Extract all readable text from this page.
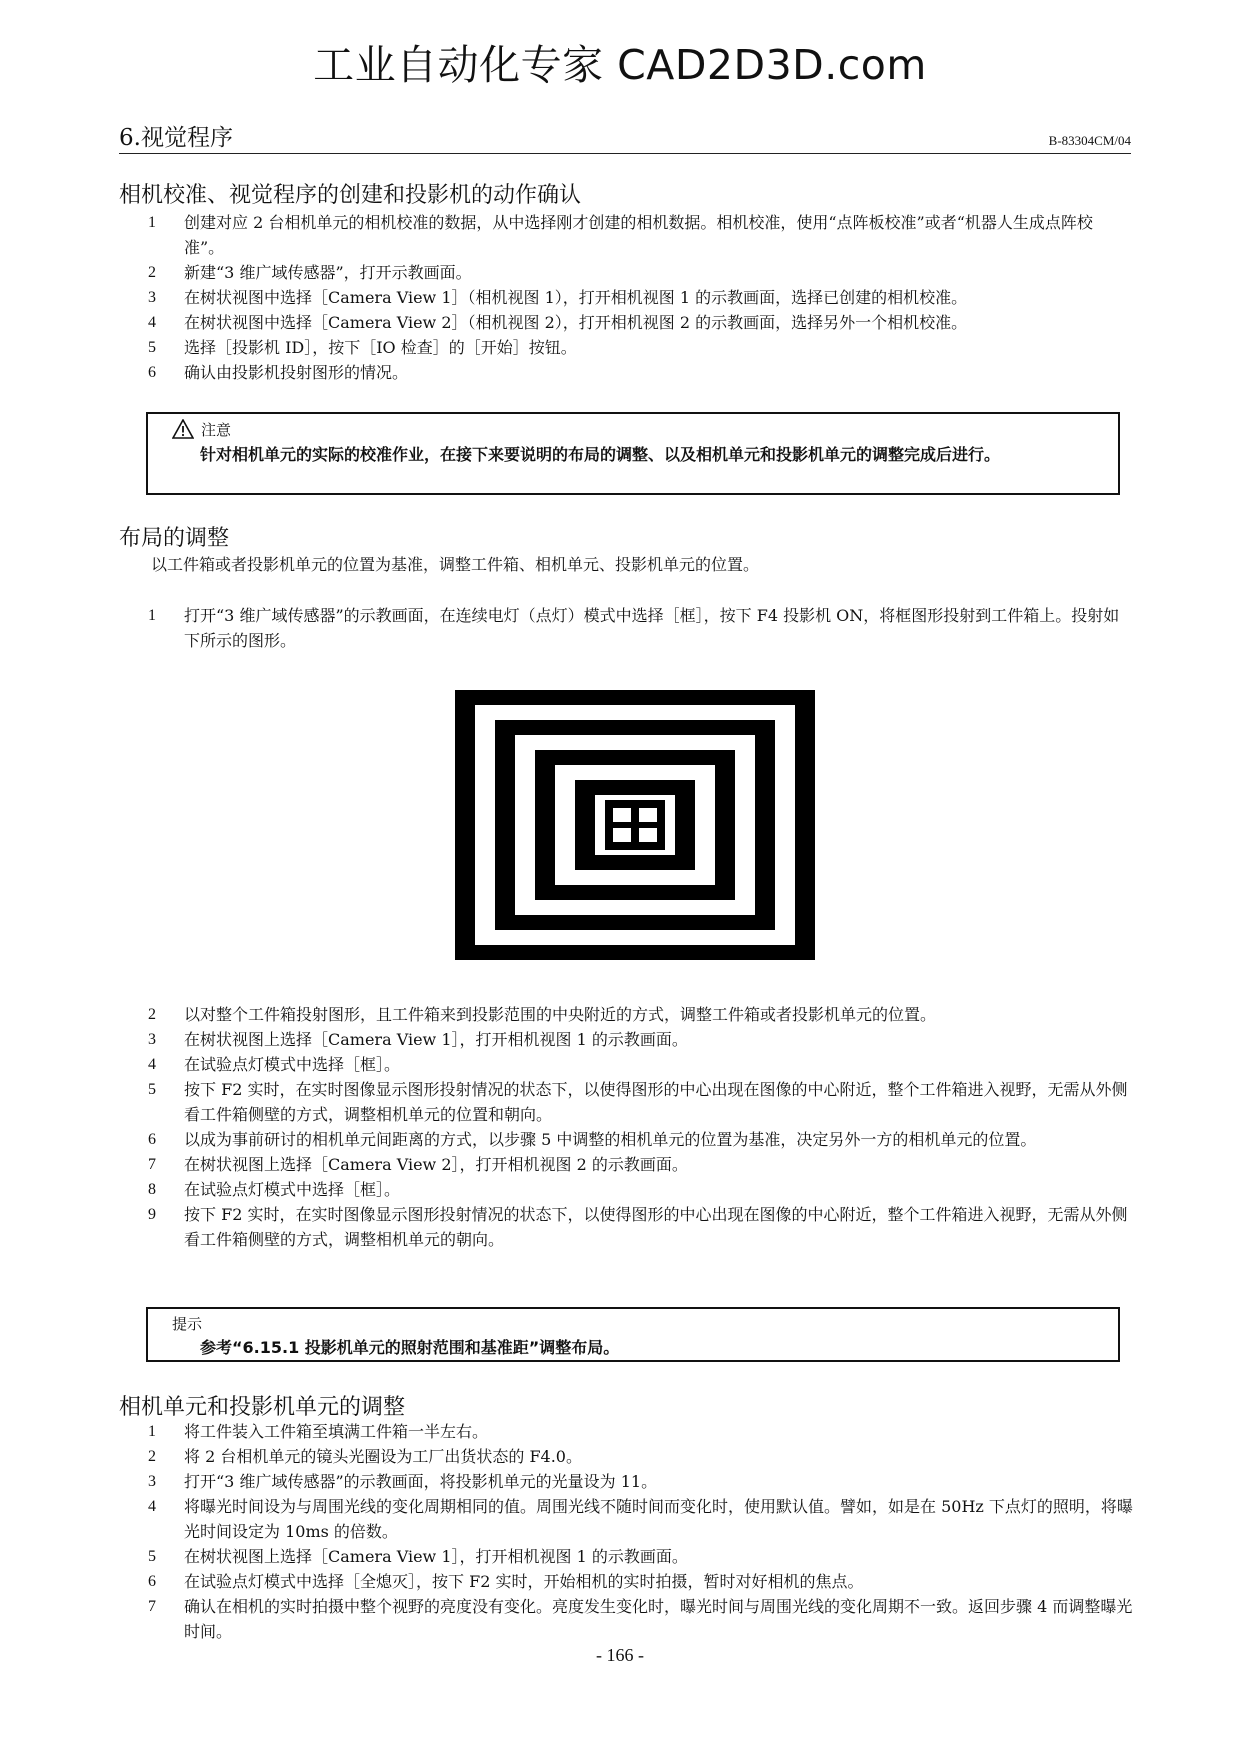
工业自动化专家 CAD2D3D.com
6.视觉程序	B-83304CM/04
相机校准、视觉程序的创建和投影机的动作确认
1 创建对应 2 台相机单元的相机校准的数据，从中选择刚才创建的相机数据。相机校准，使用“点阵板校准”或者“机器人生成点阵校准”。
2 新建“3 维广域传感器”，打开示教画面。
3 在树状视图中选择［Camera View 1］（相机视图 1），打开相机视图 1 的示教画面，选择已创建的相机校准。
4 在树状视图中选择［Camera View 2］（相机视图 2），打开相机视图 2 的示教画面，选择另外一个相机校准。
5 选择［投影机 ID］，按下［IO 检查］的［开始］按钮。
6 确认由投影机投射图形的情况。
注意
针对相机单元的实际的校准作业，在接下来要说明的布局的调整、以及相机单元和投影机单元的调整完成后进行。
布局的调整
以工件箱或者投影机单元的位置为基准，调整工件箱、相机单元、投影机单元的位置。
1 打开“3 维广域传感器”的示教画面，在连续电灯（点灯）模式中选择［框］，按下 F4 投影机 ON，将框图形投射到工件箱上。投射如下所示的图形。
2 以对整个工件箱投射图形，且工件箱来到投影范围的中央附近的方式，调整工件箱或者投影机单元的位置。
3 在树状视图上选择［Camera View 1］，打开相机视图 1 的示教画面。
4 在试验点灯模式中选择［框］。
5 按下 F2 实时，在实时图像显示图形投射情况的状态下，以使得图形的中心出现在图像的中心附近，整个工件箱进入视野，无需从外侧看工件箱侧壁的方式，调整相机单元的位置和朝向。
6 以成为事前研讨的相机单元间距离的方式，以步骤 5 中调整的相机单元的位置为基准，决定另外一方的相机单元的位置。
7 在树状视图上选择［Camera View 2］，打开相机视图 2 的示教画面。
8 在试验点灯模式中选择［框］。
9 按下 F2 实时，在实时图像显示图形投射情况的状态下，以使得图形的中心出现在图像的中心附近，整个工件箱进入视野，无需从外侧看工件箱侧壁的方式，调整相机单元的朝向。
提示
参考“6.15.1 投影机单元的照射范围和基准距”调整布局。
相机单元和投影机单元的调整
1 将工件装入工件箱至填满工件箱一半左右。
2 将 2 台相机单元的镜头光圈设为工厂出货状态的 F4.0。
3 打开“3 维广域传感器”的示教画面，将投影机单元的光量设为 11。
4 将曝光时间设为与周围光线的变化周期相同的值。周围光线不随时间而变化时，使用默认值。譬如，如是在 50Hz 下点灯的照明，将曝光时间设定为 10ms 的倍数。
5 在树状视图上选择［Camera View 1］，打开相机视图 1 的示教画面。
6 在试验点灯模式中选择［全熄灭］，按下 F2 实时，开始相机的实时拍摄，暂时对好相机的焦点。
7 确认在相机的实时拍摄中整个视野的亮度没有变化。亮度发生变化时，曝光时间与周围光线的变化周期不一致。返回步骤 4 而调整曝光时间。
- 166 -
